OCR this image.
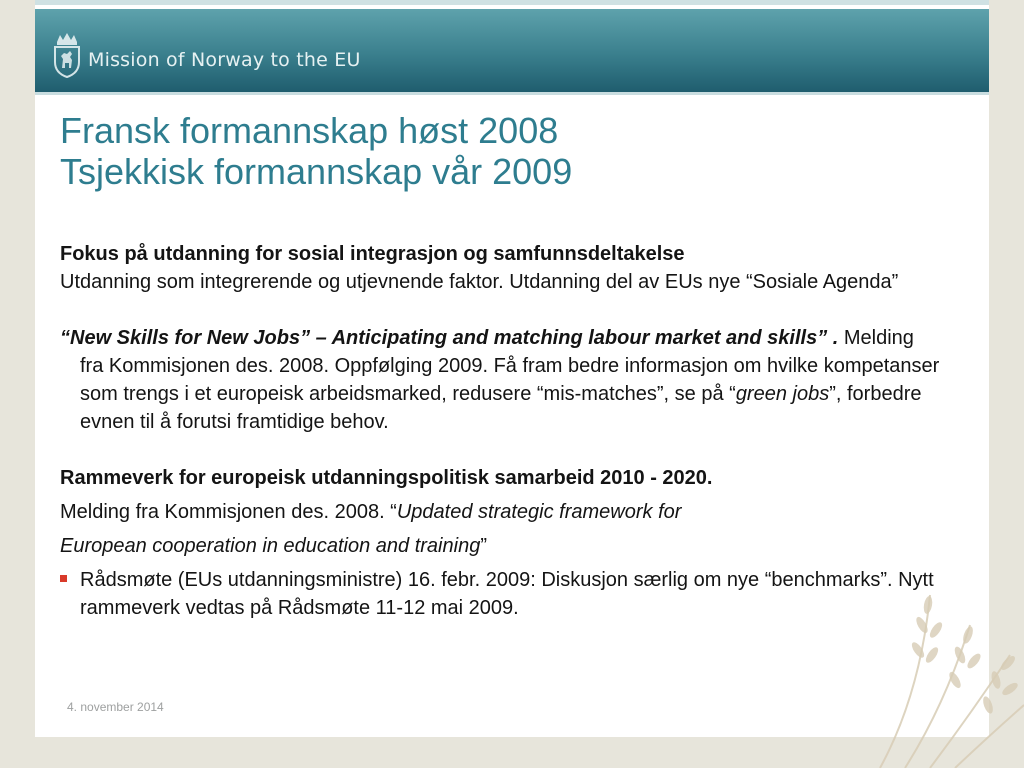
Mission of Norway to the EU
Fransk formannskap høst 2008
Tsjekkisk formannskap vår 2009

Fokus på utdanning for sosial integrasjon og samfunnsdeltakelse

Utdanning som integrerende og utjevnende faktor. Utdanning del av EUs nye “Sosiale Agenda”

“New Skills for New Jobs” – Anticipating and matching labour market and skills” . Melding fra Kommisjonen des. 2008. Oppfølging 2009. Få fram bedre informasjon om hvilke kompetanser som trengs i et europeisk arbeidsmarked, redusere “mis-matches”, se på “green jobs”, forbedre evnen til å forutsi framtidige behov.

Rammeverk for europeisk utdanningspolitisk samarbeid 2010 - 2020.

Melding fra Kommisjonen des. 2008. “Updated strategic framework for

European cooperation in education and training”

Rådsmøte (EUs utdanningsministre) 16. febr. 2009: Diskusjon særlig om nye “benchmarks”. Nytt rammeverk vedtas på Rådsmøte 11-12 mai 2009.

4. november 2014
